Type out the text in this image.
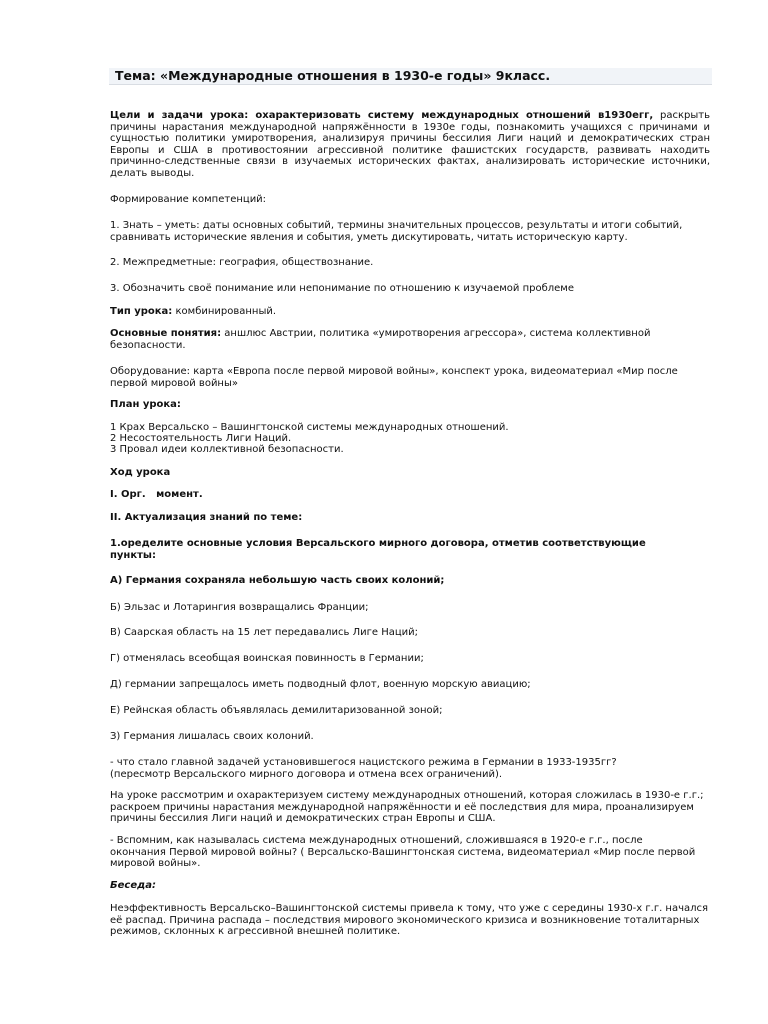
Тема: «Международные отношения в 1930-е годы» 9класс.

Цели и задачи урока: охарактеризовать систему международных отношений в1930егг, раскрыть причины нарастания международной напряжённости в 1930е годы, познакомить учащихся с причинами и сущностью политики умиротворения, анализируя причины бессилия Лиги наций и демократических стран Европы и США в противостоянии агрессивной политике фашистских государств, развивать находить причинно-следственные связи в изучаемых исторических фактах, анализировать исторические источники, делать выводы.

Формирование компетенций:

1. Знать – уметь: даты основных событий, термины значительных процессов, результаты и итоги событий, сравнивать исторические явления и события, уметь дискутировать, читать историческую карту.

2. Межпредметные: география, обществознание.

3. Обозначить своё понимание или непонимание по отношению к изучаемой проблеме

Тип урока: комбинированный.

Основные понятия: аншлюс Австрии, политика «умиротворения агрессора», система коллективной безопасности.

Оборудование: карта «Европа после первой мировой войны», конспект урока, видеоматериал «Мир после первой мировой войны»

План урока:

1 Крах Версальско – Вашингтонской системы международных отношений.

2 Несостоятельность Лиги Наций.

3 Провал идеи коллективной безопасности.

Ход урока

I. Орг.   момент.

II. Актуализация знаний по теме:

1.оределите основные условия Версальского мирного договора, отметив соответствующие пункты:

А) Германия сохраняла небольшую часть своих колоний;

Б) Эльзас и Лотарингия возвращались Франции;

В) Саарская область на 15 лет передавались Лиге Наций;

Г) отменялась всеобщая воинская повинность в Германии;

Д) германии запрещалось иметь подводный флот, военную морскую авиацию;

Е) Рейнская область объявлялась демилитаризованной зоной;

З) Германия лишалась своих колоний.

- что стало главной задачей установившегося нацистского режима в Германии в 1933-1935гг? (пересмотр Версальского мирного договора и отмена всех ограничений).

На уроке рассмотрим и охарактеризуем систему международных отношений, которая сложилась в 1930-е г.г.; раскроем причины нарастания международной напряжённости и её последствия для мира, проанализируем причины бессилия Лиги наций и демократических стран Европы и США.

- Вспомним, как называлась система международных отношений, сложившаяся в 1920-е г.г., после окончания Первой мировой войны? ( Версальско-Вашингтонская система, видеоматериал «Мир после первой мировой войны».

Беседа:

Неэффективность Версальско–Вашингтонской системы привела к тому, что уже с середины 1930-х г.г. начался её распад. Причина распада – последствия мирового экономического кризиса и возникновение тоталитарных режимов, склонных к агрессивной внешней политике.
